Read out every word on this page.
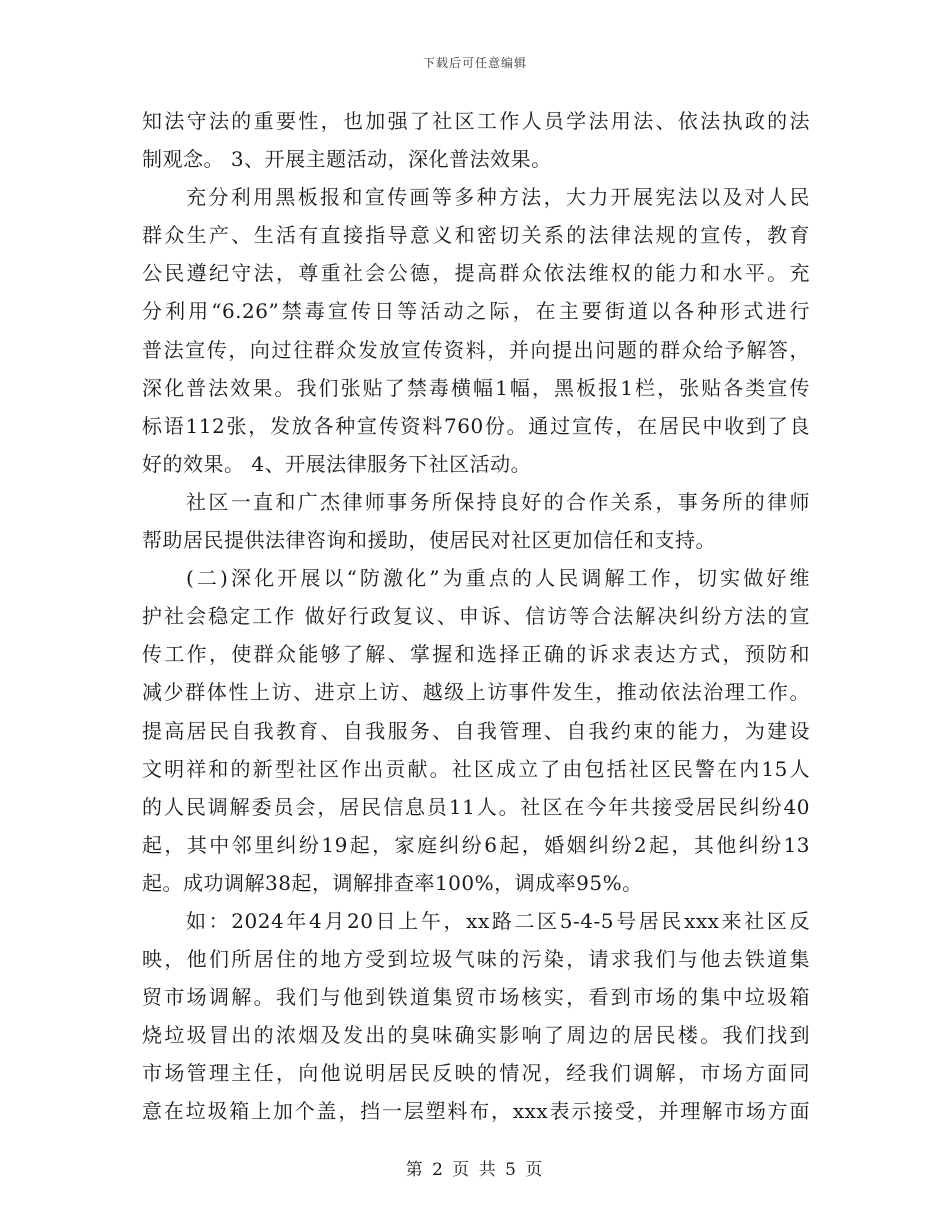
下载后可任意编辑
知法守法的重要性，也加强了社区工作人员学法用法、依法执政的法
制观念。 3、开展主题活动，深化普法效果。
充分利用黑板报和宣传画等多种方法，大力开展宪法以及对人民
群众生产、生活有直接指导意义和密切关系的法律法规的宣传，教育
公民遵纪守法，尊重社会公德，提高群众依法维权的能力和水平。充
分利用“6.26”禁毒宣传日等活动之际，在主要街道以各种形式进行
普法宣传，向过往群众发放宣传资料，并向提出问题的群众给予解答，
深化普法效果。我们张贴了禁毒横幅1幅，黑板报1栏，张贴各类宣传
标语112张，发放各种宣传资料760份。通过宣传，在居民中收到了良
好的效果。 4、开展法律服务下社区活动。
社区一直和广杰律师事务所保持良好的合作关系，事务所的律师
帮助居民提供法律咨询和援助，使居民对社区更加信任和支持。
(二)深化开展以“防激化”为重点的人民调解工作，切实做好维
护社会稳定工作 做好行政复议、申诉、信访等合法解决纠纷方法的宣
传工作，使群众能够了解、掌握和选择正确的诉求表达方式，预防和
减少群体性上访、进京上访、越级上访事件发生，推动依法治理工作。
提高居民自我教育、自我服务、自我管理、自我约束的能力，为建设
文明祥和的新型社区作出贡献。社区成立了由包括社区民警在内15人
的人民调解委员会，居民信息员11人。社区在今年共接受居民纠纷40
起，其中邻里纠纷19起，家庭纠纷6起，婚姻纠纷2起，其他纠纷13
起。成功调解38起，调解排查率100%，调成率95%。
如：2024年4月20日上午，xx路二区5-4-5号居民xxx来社区反
映，他们所居住的地方受到垃圾气味的污染，请求我们与他去铁道集
贸市场调解。我们与他到铁道集贸市场核实，看到市场的集中垃圾箱
烧垃圾冒出的浓烟及发出的臭味确实影响了周边的居民楼。我们找到
市场管理主任，向他说明居民反映的情况，经我们调解，市场方面同
意在垃圾箱上加个盖，挡一层塑料布，xxx表示接受，并理解市场方面
第 2 页 共 5 页
